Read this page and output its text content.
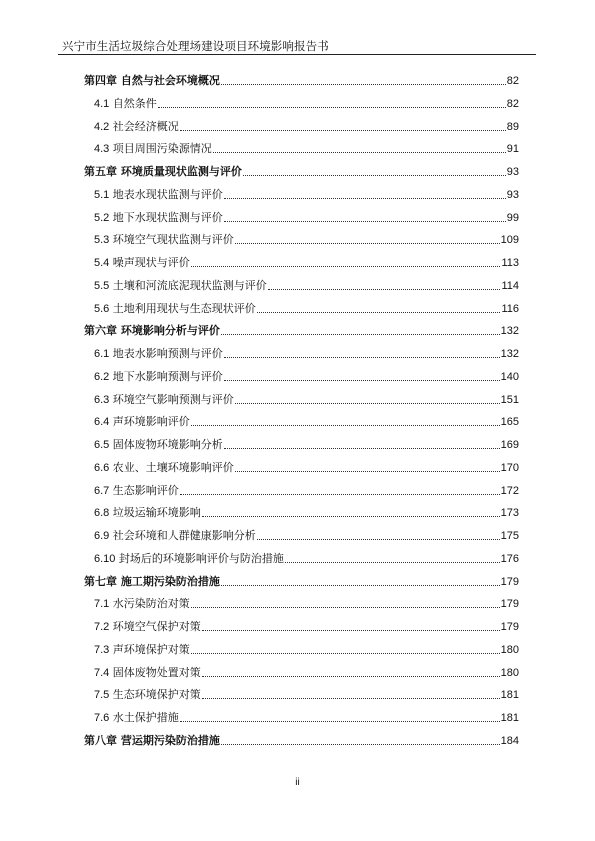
兴宁市生活垃圾综合处理场建设项目环境影响报告书
第四章 自然与社会环境概况	82
4.1 自然条件	82
4.2 社会经济概况	89
4.3 项目周围污染源情况	91
第五章 环境质量现状监测与评价	93
5.1 地表水现状监测与评价	93
5.2 地下水现状监测与评价	99
5.3 环境空气现状监测与评价	109
5.4 噪声现状与评价	113
5.5 土壤和河流底泥现状监测与评价	114
5.6 土地利用现状与生态现状评价	116
第六章 环境影响分析与评价	132
6.1 地表水影响预测与评价	132
6.2 地下水影响预测与评价	140
6.3 环境空气影响预测与评价	151
6.4 声环境影响评价	165
6.5 固体废物环境影响分析	169
6.6 农业、土壤环境影响评价	170
6.7 生态影响评价	172
6.8 垃圾运输环境影响	173
6.9 社会环境和人群健康影响分析	175
6.10 封场后的环境影响评价与防治措施	176
第七章 施工期污染防治措施	179
7.1 水污染防治对策	179
7.2 环境空气保护对策	179
7.3 声环境保护对策	180
7.4 固体废物处置对策	180
7.5 生态环境保护对策	181
7.6 水土保护措施	181
第八章 营运期污染防治措施	184
ii
